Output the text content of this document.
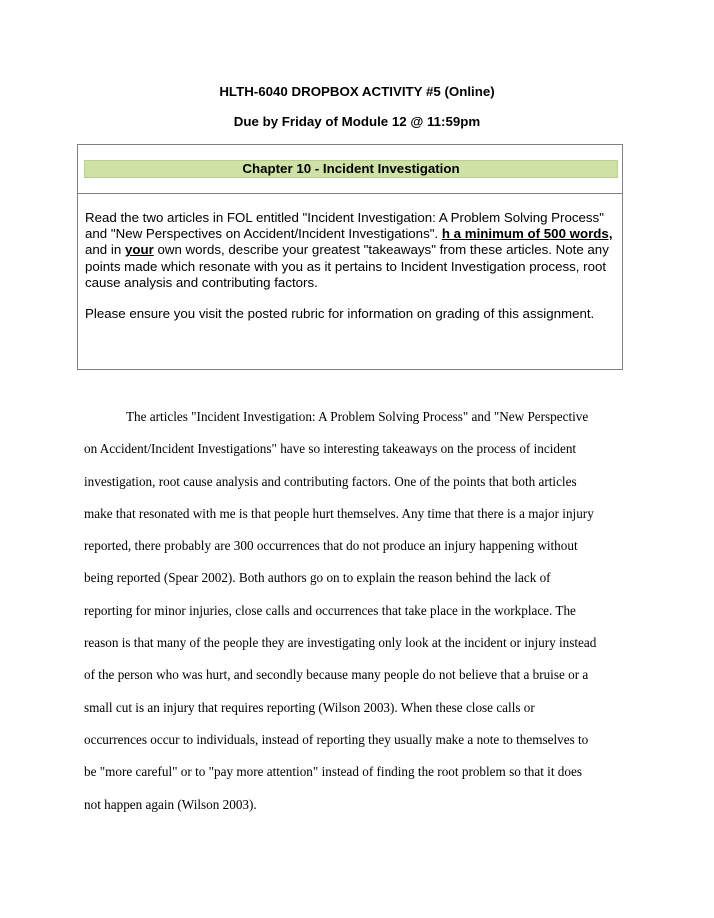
HLTH-6040 DROPBOX ACTIVITY #5 (Online)
Due by Friday of Module 12 @ 11:59pm
Chapter 10 - Incident Investigation

Read the two articles in FOL entitled "Incident Investigation: A Problem Solving Process" and "New Perspectives on Accident/Incident Investigations". h a minimum of 500 words, and in your own words, describe your greatest "takeaways" from these articles. Note any points made which resonate with you as it pertains to Incident Investigation process, root cause analysis and contributing factors.

Please ensure you visit the posted rubric for information on grading of this assignment.

The articles "Incident Investigation: A Problem Solving Process" and "New Perspective
on Accident/Incident Investigations" have so interesting takeaways on the process of incident
investigation, root cause analysis and contributing factors. One of the points that both articles
make that resonated with me is that people hurt themselves. Any time that there is a major injury
reported, there probably are 300 occurrences that do not produce an injury happening without
being reported (Spear 2002). Both authors go on to explain the reason behind the lack of
reporting for minor injuries, close calls and occurrences that take place in the workplace. The
reason is that many of the people they are investigating only look at the incident or injury instead
of the person who was hurt, and secondly because many people do not believe that a bruise or a
small cut is an injury that requires reporting (Wilson 2003). When these close calls or
occurrences occur to individuals, instead of reporting they usually make a note to themselves to
be "more careful" or to "pay more attention" instead of finding the root problem so that it does
not happen again (Wilson 2003).
